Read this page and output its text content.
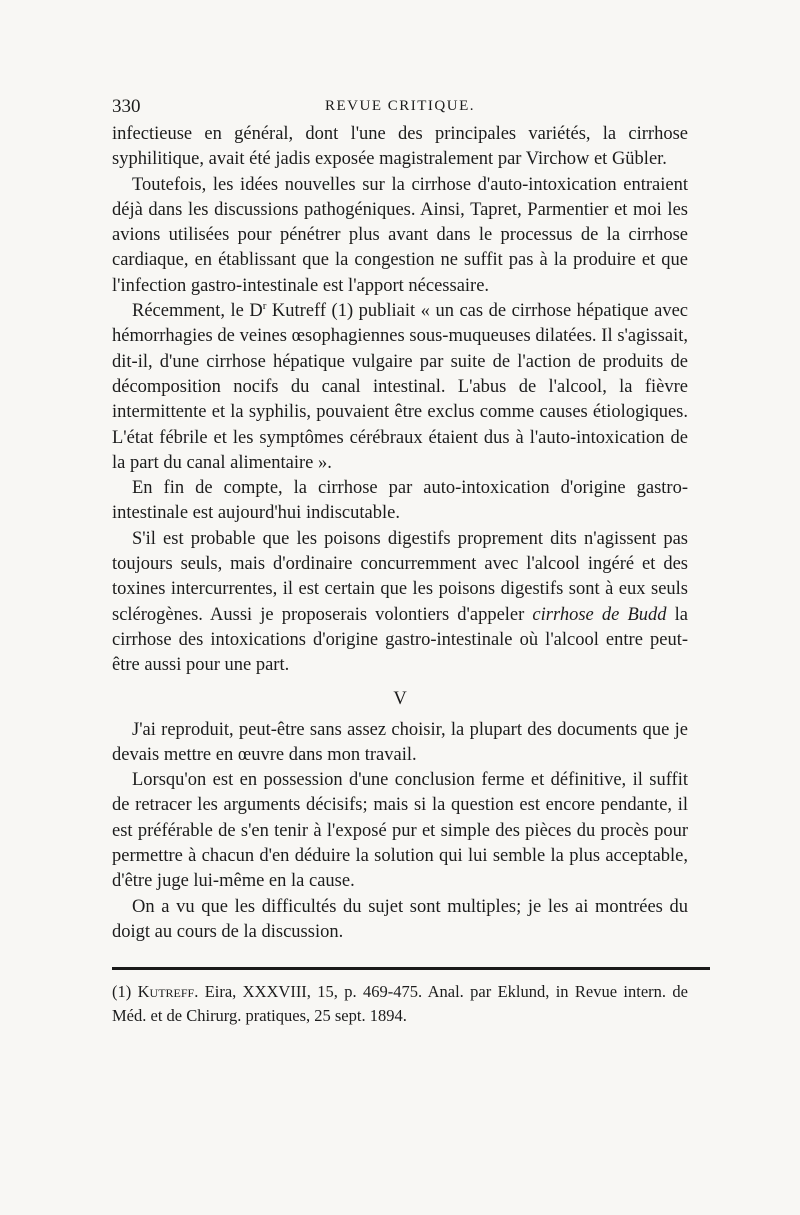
330	REVUE CRITIQUE.

infectieuse en général, dont l'une des principales variétés, la cirrhose syphilitique, avait été jadis exposée magistralement par Virchow et Gübler.

Toutefois, les idées nouvelles sur la cirrhose d'auto-intoxication entraient déjà dans les discussions pathogéniques. Ainsi, Tapret, Parmentier et moi les avions utilisées pour pénétrer plus avant dans le processus de la cirrhose cardiaque, en établissant que la congestion ne suffit pas à la produire et que l'infection gastro-intestinale est l'apport nécessaire.

Récemment, le $D^r$ Kutreff (1) publiait « un cas de cirrhose hépatique avec hémorrhagies de veines œsophagiennes sous-muqueuses dilatées. Il s'agissait, dit-il, d'une cirrhose hépatique vulgaire par suite de l'action de produits de décomposition nocifs du canal intestinal. L'abus de l'alcool, la fièvre intermittente et la syphilis, pouvaient être exclus comme causes étiologiques. L'état fébrile et les symptômes cérébraux étaient dus à l'auto-intoxication de la part du canal alimentaire ».

En fin de compte, la cirrhose par auto-intoxication d'origine gastro-intestinale est aujourd'hui indiscutable.

S'il est probable que les poisons digestifs proprement dits n'agissent pas toujours seuls, mais d'ordinaire concurremment avec l'alcool ingéré et des toxines intercurrentes, il est certain que les poisons digestifs sont à eux seuls sclérogènes. Aussi je proposerais volontiers d'appeler cirrhose de Budd la cirrhose des intoxications d'origine gastro-intestinale où l'alcool entre peut-être aussi pour une part.

V

J'ai reproduit, peut-être sans assez choisir, la plupart des documents que je devais mettre en œuvre dans mon travail.

Lorsqu'on est en possession d'une conclusion ferme et définitive, il suffit de retracer les arguments décisifs; mais si la question est encore pendante, il est préférable de s'en tenir à l'exposé pur et simple des pièces du procès pour permettre à chacun d'en déduire la solution qui lui semble la plus acceptable, d'être juge lui-même en la cause.

On a vu que les difficultés du sujet sont multiples; je les ai montrées du doigt au cours de la discussion.

(1) Kutreff. Eira, XXXVIII, 15, p. 469-475. Anal. par Eklund, in Revue intern. de Méd. et de Chirurg. pratiques, 25 sept. 1894.
